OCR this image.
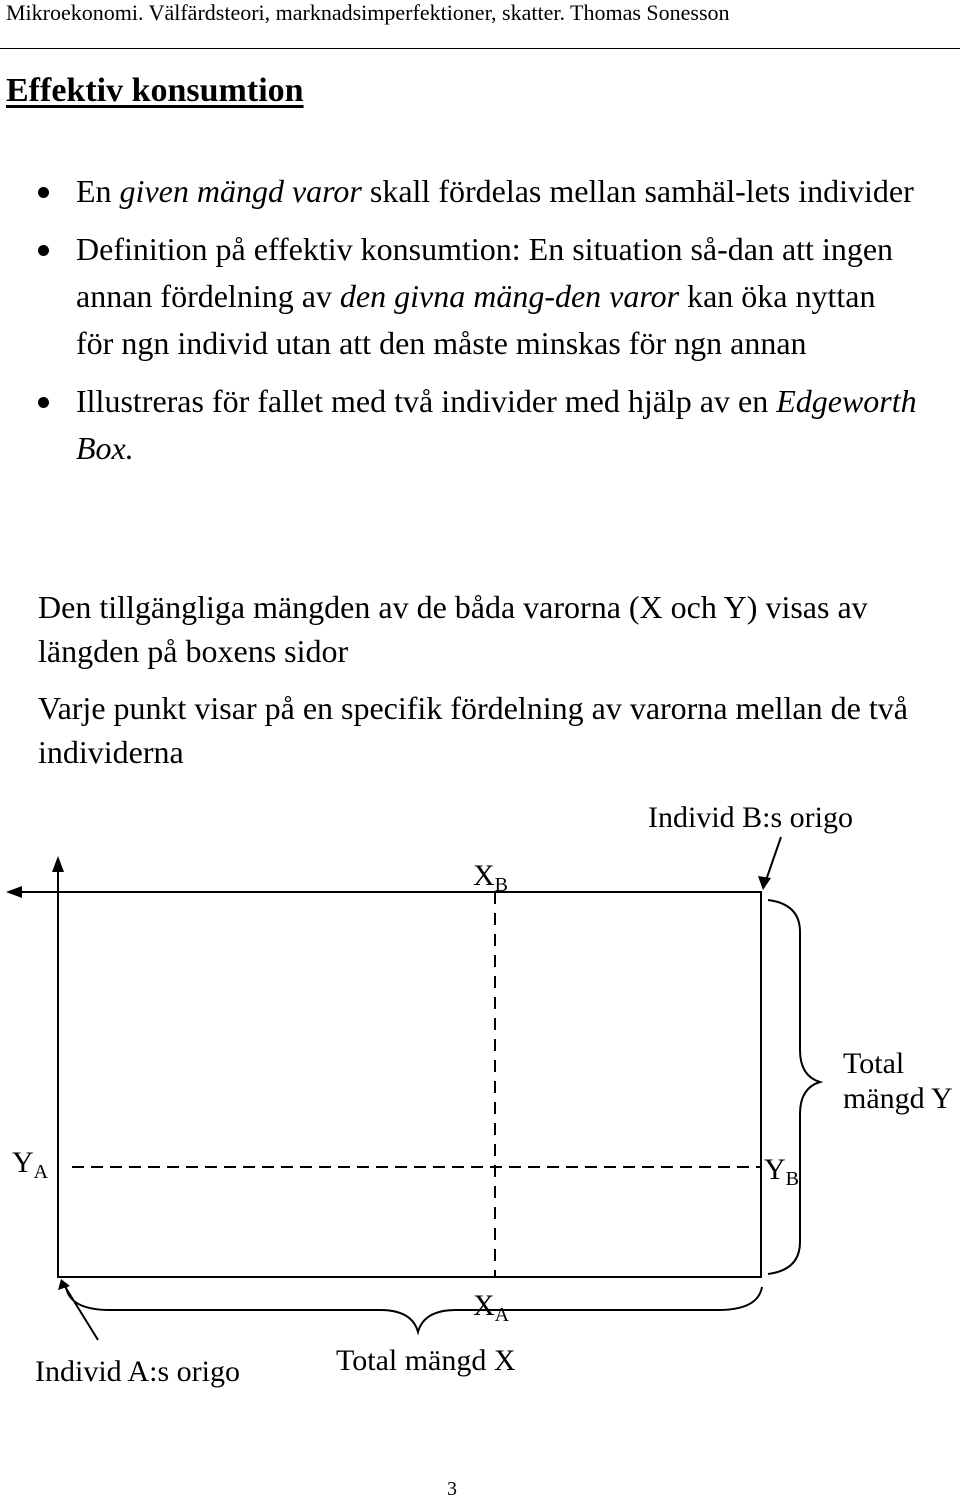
Mikroekonomi. Välfärdsteori, marknadsimperfektioner, skatter. Thomas Sonesson
Effektiv konsumtion
En given mängd varor skall fördelas mellan samhäl-lets individer
Definition på effektiv konsumtion: En situation så-dan att ingen annan fördelning av den givna mäng-den varor kan öka nyttan för ngn individ utan att den måste minskas för ngn annan
Illustreras för fallet med två individer med hjälp av en Edgeworth Box.

Den tillgängliga mängden av de båda varorna (X och Y) visas av längden på boxens sidor

Varje punkt visar på en specifik fördelning av varorna mellan de två individerna

$X_B$
Individ B:s origo
Total
mängd Y
$Y_A$	$Y_B$
$X_A$
Total mängd X
Individ A:s origo
3
